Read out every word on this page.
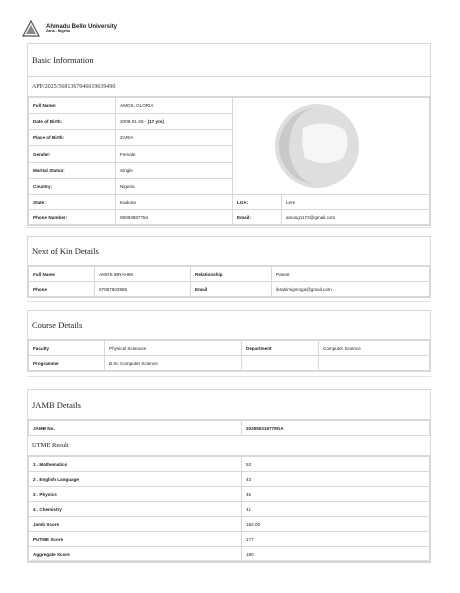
Ahmadu Bello University
Zaria - Nigeria
Basic Information
APP/2025/56813670460196394​90
Full Name:	AMOS, GLORIA	

Date of Birth:	2008-01-28 - (17 yrs)		
Place of Birth:	ZARIA		
Gender:	Female		
Marital Status:	Single		
Country:	Nigeria		
State:	Kaduna	LGA:	Lere
Phone Number:	08083867754	Email:	amosg1173@gmail.com
Next of Kin Details
Full Name	AMOS IBRAHIM	Relationship	Parent
Phone	07087603556	Email	ibrahimigmoga@gmail.com
Course Details
Faculty	Physical Sciences	Department	Computer Science
Programme	B.Sc Computer Science		
JAMB Details
JAMB No.	202550216779GA
UTME Result
1 . Mathematics	53
2 . English Language	43
3 . Physics	45
4 . Chemistry	41
Jamb Score	182.00
PUTME Score	177
Aggregate Score	180
